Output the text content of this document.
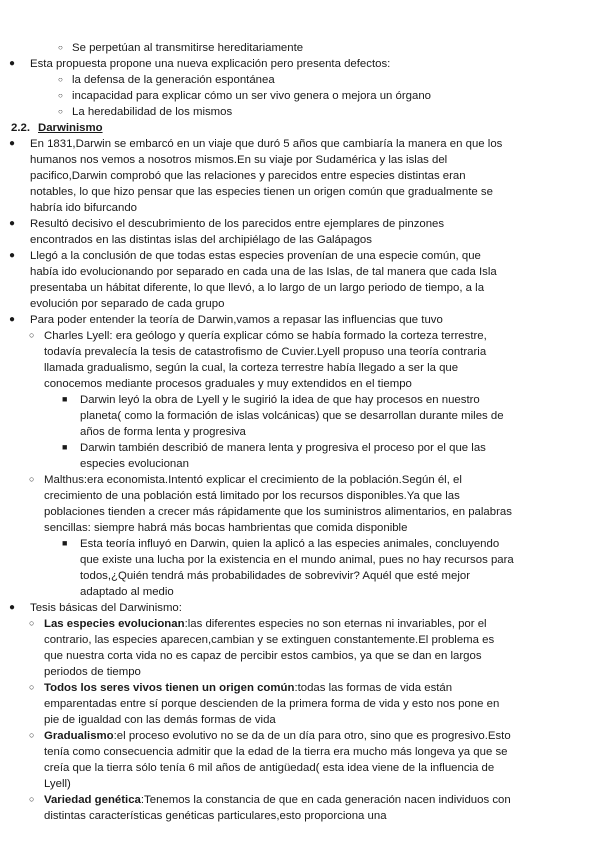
○ Se perpetúan al transmitirse hereditariamente
● Esta propuesta propone una nueva explicación pero presenta defectos:
○ la defensa de la generación espontánea
○ incapacidad para explicar cómo un ser vivo genera o mejora un órgano
○ La heredabilidad de los mismos
2.2. Darwinismo
● En 1831,Darwin se embarcó en un viaje que duró 5 años que cambiaría la manera en que los humanos nos vemos a nosotros mismos.En su viaje por Sudamérica y las islas del pacifico,Darwin comprobó que las relaciones y parecidos entre especies distintas eran notables, lo que hizo pensar que las especies tienen un origen común que gradualmente se habría ido bifurcando
● Resultó decisivo el descubrimiento de los parecidos entre ejemplares de pinzones encontrados en las distintas islas del archipiélago de las Galápagos
● Llegó a la conclusión de que todas estas especies provenían de una especie común, que había ido evolucionando por separado en cada una de las Islas, de tal manera que cada Isla presentaba un hábitat diferente, lo que llevó, a lo largo de un largo periodo de tiempo, a la evolución por separado de cada grupo
● Para poder entender la teoría de Darwin,vamos a repasar las influencias que tuvo
○ Charles Lyell: era geólogo y quería explicar cómo se había formado la corteza terrestre, todavía prevalecía la tesis de catastrofismo de Cuvier.Lyell propuso una teoría contraria llamada gradualismo, según la cual, la corteza terrestre había llegado a ser la que conocemos mediante procesos graduales y muy extendidos en el tiempo
■ Darwin leyó la obra de Lyell y le sugirió la idea de que hay procesos en nuestro planeta( como la formación de islas volcánicas) que se desarrollan durante miles de años de forma lenta y progresiva
■ Darwin también describió de manera lenta y progresiva el proceso por el que las especies evolucionan
○ Malthus:era economista.Intentó explicar el crecimiento de la población.Según él, el crecimiento de una población está limitado por los recursos disponibles.Ya que las poblaciones tienden a crecer más rápidamente que los suministros alimentarios, en palabras sencillas: siempre habrá más bocas hambrientas que comida disponible
■ Esta teoría influyó en Darwin, quien la aplicó a las especies animales, concluyendo que existe una lucha por la existencia en el mundo animal, pues no hay recursos para todos,¿Quién tendrá más probabilidades de sobrevivir? Aquél que esté mejor adaptado al medio
● Tesis básicas del Darwinismo:
○ Las especies evolucionan:las diferentes especies no son eternas ni invariables, por el contrario, las especies aparecen,cambian y se extinguen constantemente.El problema es que nuestra corta vida no es capaz de percibir estos cambios, ya que se dan en largos periodos de tiempo
○ Todos los seres vivos tienen un origen común:todas las formas de vida están emparentadas entre sí porque descienden de la primera forma de vida y esto nos pone en pie de igualdad con las demás formas de vida
○ Gradualismo:el proceso evolutivo no se da de un día para otro, sino que es progresivo.Esto tenía como consecuencia admitir que la edad de la tierra era mucho más longeva ya que se creía que la tierra sólo tenía 6 mil años de antigüedad( esta idea viene de la influencia de Lyell)
○ Variedad genética:Tenemos la constancia de que en cada generación nacen individuos con distintas características genéticas particulares,esto proporciona una
